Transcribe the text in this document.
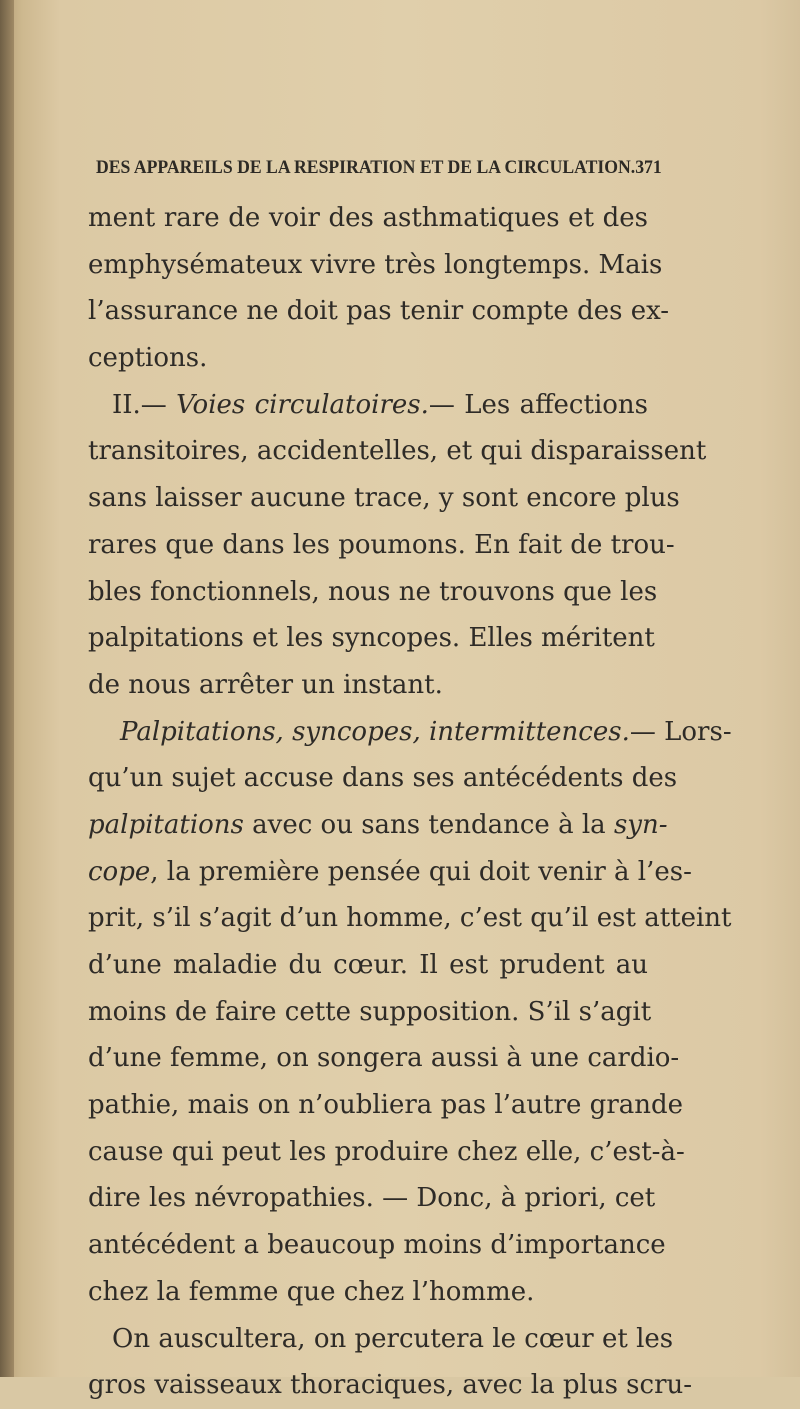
DES APPAREILS DE LA RESPIRATION ET DE LA CIRCULATION. 371
ment rare de voir des asthmatiques et des
emphysémateux vivre très longtemps. Mais
l’assurance ne doit pas tenir compte des ex-
ceptions.
II.— Voies circulatoires.— Les affections
transitoires, accidentelles, et qui disparaissent
sans laisser aucune trace, y sont encore plus
rares que dans les poumons. En fait de trou-
bles fonctionnels, nous ne trouvons que les
palpitations et les syncopes. Elles méritent
de nous arrêter un instant.
Palpitations, syncopes, intermittences.— Lors-
qu’un sujet accuse dans ses antécédents des
palpitations avec ou sans tendance à la syn-
cope, la première pensée qui doit venir à l’es-
prit, s’il s’agit d’un homme, c’est qu’il est atteint
d’une maladie du cœur. Il est prudent au
moins de faire cette supposition. S’il s’agit
d’une femme, on songera aussi à une cardio-
pathie, mais on n’oubliera pas l’autre grande
cause qui peut les produire chez elle, c’est-à-
dire les névropathies. — Donc, à priori, cet
antécédent a beaucoup moins d’importance
chez la femme que chez l’homme.
On auscultera, on percutera le cœur et les
gros vaisseaux thoraciques, avec la plus scru-
